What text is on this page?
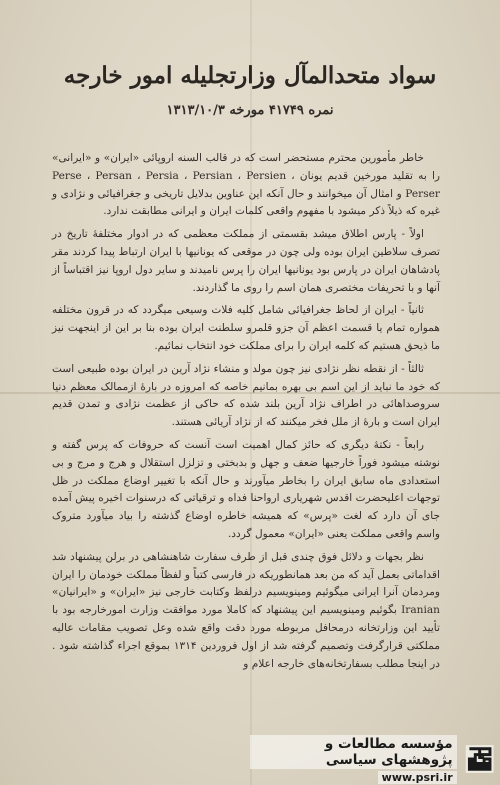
سواد متحدالمآل وزارتجلیله امور خارجه
نمره ۴۱۷۴۹ مورخه ۱۳۱۳/۱۰/۳

خاطر مأمورین محترم مستحضر است که در قالب السنه اروپائی «ایران» و «ایرانی» را به تقلید مورخین قدیم یونان Perse ، Persan ، Persia ، Persian ، Persien ، Perser و امثال آن میخوانند و حال آنکه این عناوین بدلایل تاریخی و جغرافیائی و نژادی و غیره که ذیلاً ذکر میشود با مفهوم واقعی کلمات ایران و ایرانی مطابقت ندارد.

اولاً - پارس اطلاق میشد بقسمتی از مملکت معظمی که در ادوار مختلفهٔ تاریخ در تصرف سلاطین ایران بوده ولی چون در موقعی که یونانیها با ایران ارتباط پیدا کردند مقر پادشاهان ایران در پارس بود یونانیها ایران را پرس نامیدند و سایر دول اروپا نیز اقتباساً از آنها و با تحریفات مختصری همان اسم را روی ما گذاردند.

ثانیاً - ایران از لحاظ جغرافیائی شامل کلیه فلات وسیعی میگردد که در قرون مختلفه همواره تمام یا قسمت اعظم آن جزو قلمرو سلطنت ایران بوده بنا بر این از اینجهت نیز ما ذیحق هستیم که کلمه ایران را برای مملکت خود انتخاب نمائیم.

ثالثاً - از نقطه نظر نژادی نیز چون مولد و منشاء نژاد آرین در ایران بوده طبیعی است که خود ما نباید از این اسم بی بهره بمانیم خاصه که امروزه در بارهٔ ازممالک معظم دنیا سروصداهائی در اطراف نژاد آرین بلند شده که حاکی از عظمت نژادی و تمدن قدیم ایران است و بارهٔ از ملل فخر میکنند که از نژاد آریائی هستند.

رابعاً - نکتهٔ دیگری که حائز کمال اهمیت است آنست که حروفات که پرس گفته و نوشته میشود فوراً خارجیها ضعف و جهل و بدبختی و تزلزل استقلال و هرج و مرج و بی استعدادی ماه سابق ایران را بخاطر میآورند و حال آنکه با تغییر اوضاع مملکت در ظل توجهات اعلیحضرت اقدس شهریاری ارواحنا فداه و ترقیاتی که درسنوات اخیره پیش آمده جای آن دارد که لغت «پرس» که همیشه خاطره اوضاع گذشته را بیاد میآورد متروک واسم واقعی مملکت یعنی «ایران» معمول گردد.

نظر بجهات و دلائل فوق چندی قبل از طرف سفارت شاهنشاهی در برلن پیشنهاد شد اقداماتی بعمل آید که من بعد همانطوریکه در فارسی کتباً و لفظاً مملکت خودمان را ایران ومردمان آنرا ایرانی میگوئیم ومینویسیم درلفظ وکتابت خارجی نیز «ایران» و «ایرانیان» Iranian بگوئیم ومینویسیم این پیشنهاد که کاملا مورد موافقت وزارت امورخارجه بود با تأیید این وزارتخانه درمحافل مربوطه مورد دقت واقع شده وعل تصویب مقامات عالیه مملکتی قرارگرفت وتصمیم گرفته شد از اول فروردین ۱۳۱۴ بموقع اجراء گذاشته شود . در اینجا مطلب بسفارتخانه‌های خارجه اعلام و

مؤسسه مطالعات و پژوهشهای سیاسی
www.psri.ir
